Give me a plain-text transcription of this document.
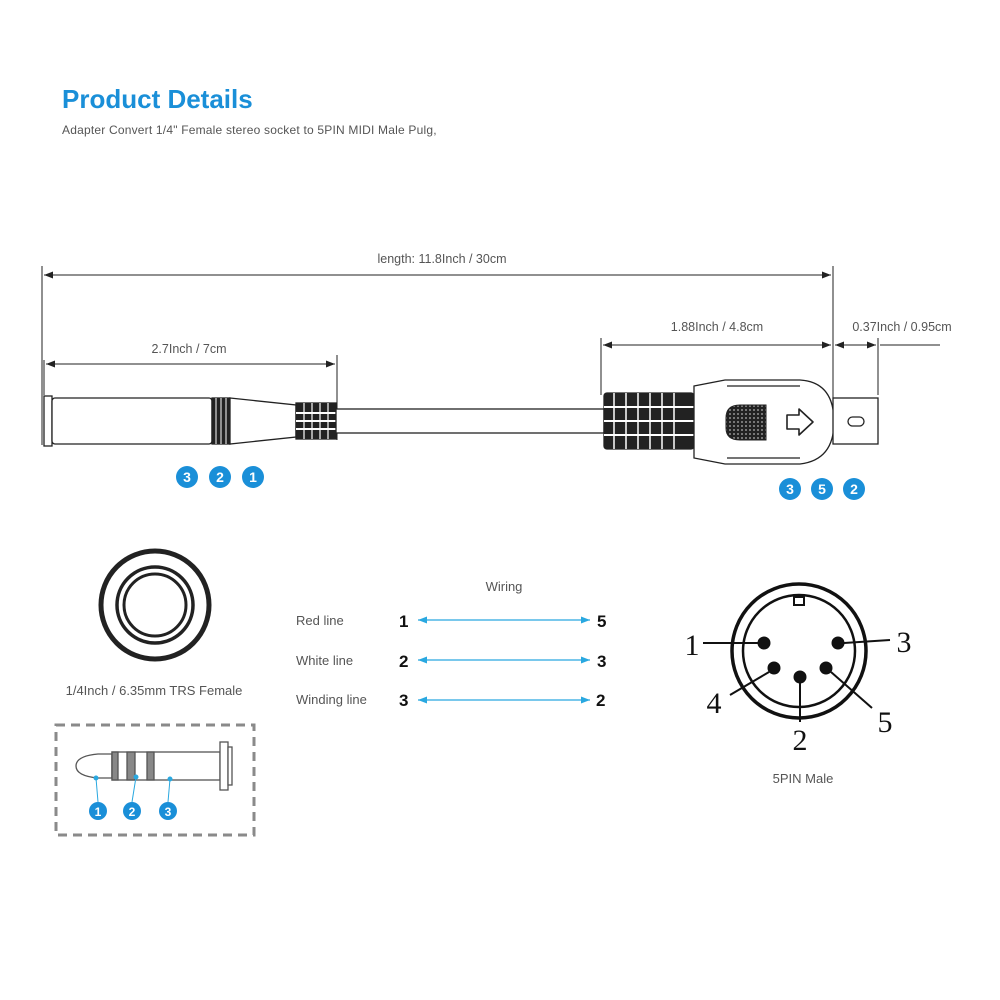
Product Details
Adapter Convert 1/4" Female stereo socket to 5PIN MIDI Male Pulg,
length: 11.8Inch / 30cm
2.7Inch / 7cm
1.88Inch / 4.8cm	0.37Inch / 0.95cm
3 2 1
3 5 2
1/4Inch / 6.35mm TRS Female
1 2 3
Wiring
Red line	1	5
White line	2	3
Winding line 3	2
1	3
4
2
5
5PIN Male
